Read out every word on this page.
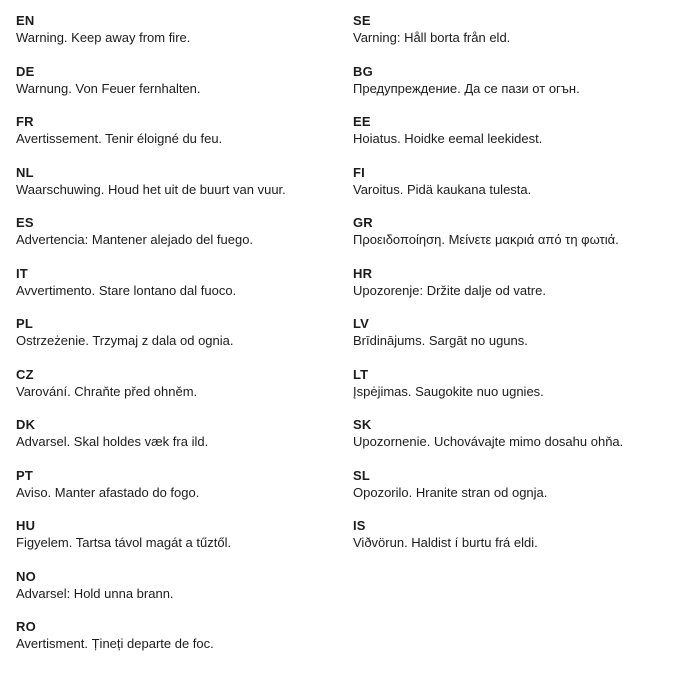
EN
Warning. Keep away from fire.
DE
Warnung. Von Feuer fernhalten.
FR
Avertissement. Tenir éloigné du feu.
NL
Waarschuwing. Houd het uit de buurt van vuur.
ES
Advertencia: Mantener alejado del fuego.
IT
Avvertimento. Stare lontano dal fuoco.
PL
Ostrzeżenie. Trzymaj z dala od ognia.
CZ
Varování. Chraňte před ohněm.
DK
Advarsel. Skal holdes væk fra ild.
PT
Aviso. Manter afastado do fogo.
HU
Figyelem. Tartsa távol magát a tűztől.
NO
Advarsel: Hold unna brann.
RO
Avertisment. Țineți departe de foc.
SE
Varning: Håll borta från eld.
BG
Предупреждение. Да се пази от огън.
EE
Hoiatus. Hoidke eemal leekidest.
FI
Varoitus. Pidä kaukana tulesta.
GR
Προειδοποίηση. Μείνετε μακριά από τη φωτιά.
HR
Upozorenje: Držite dalje od vatre.
LV
Brīdinājums. Sargāt no uguns.
LT
Įspėjimas. Saugokite nuo ugnies.
SK
Upozornenie. Uchovávajte mimo dosahu ohňa.
SL
Opozorilo. Hranite stran od ognja.
IS
Viðvörun. Haldist í burtu frá eldi.
